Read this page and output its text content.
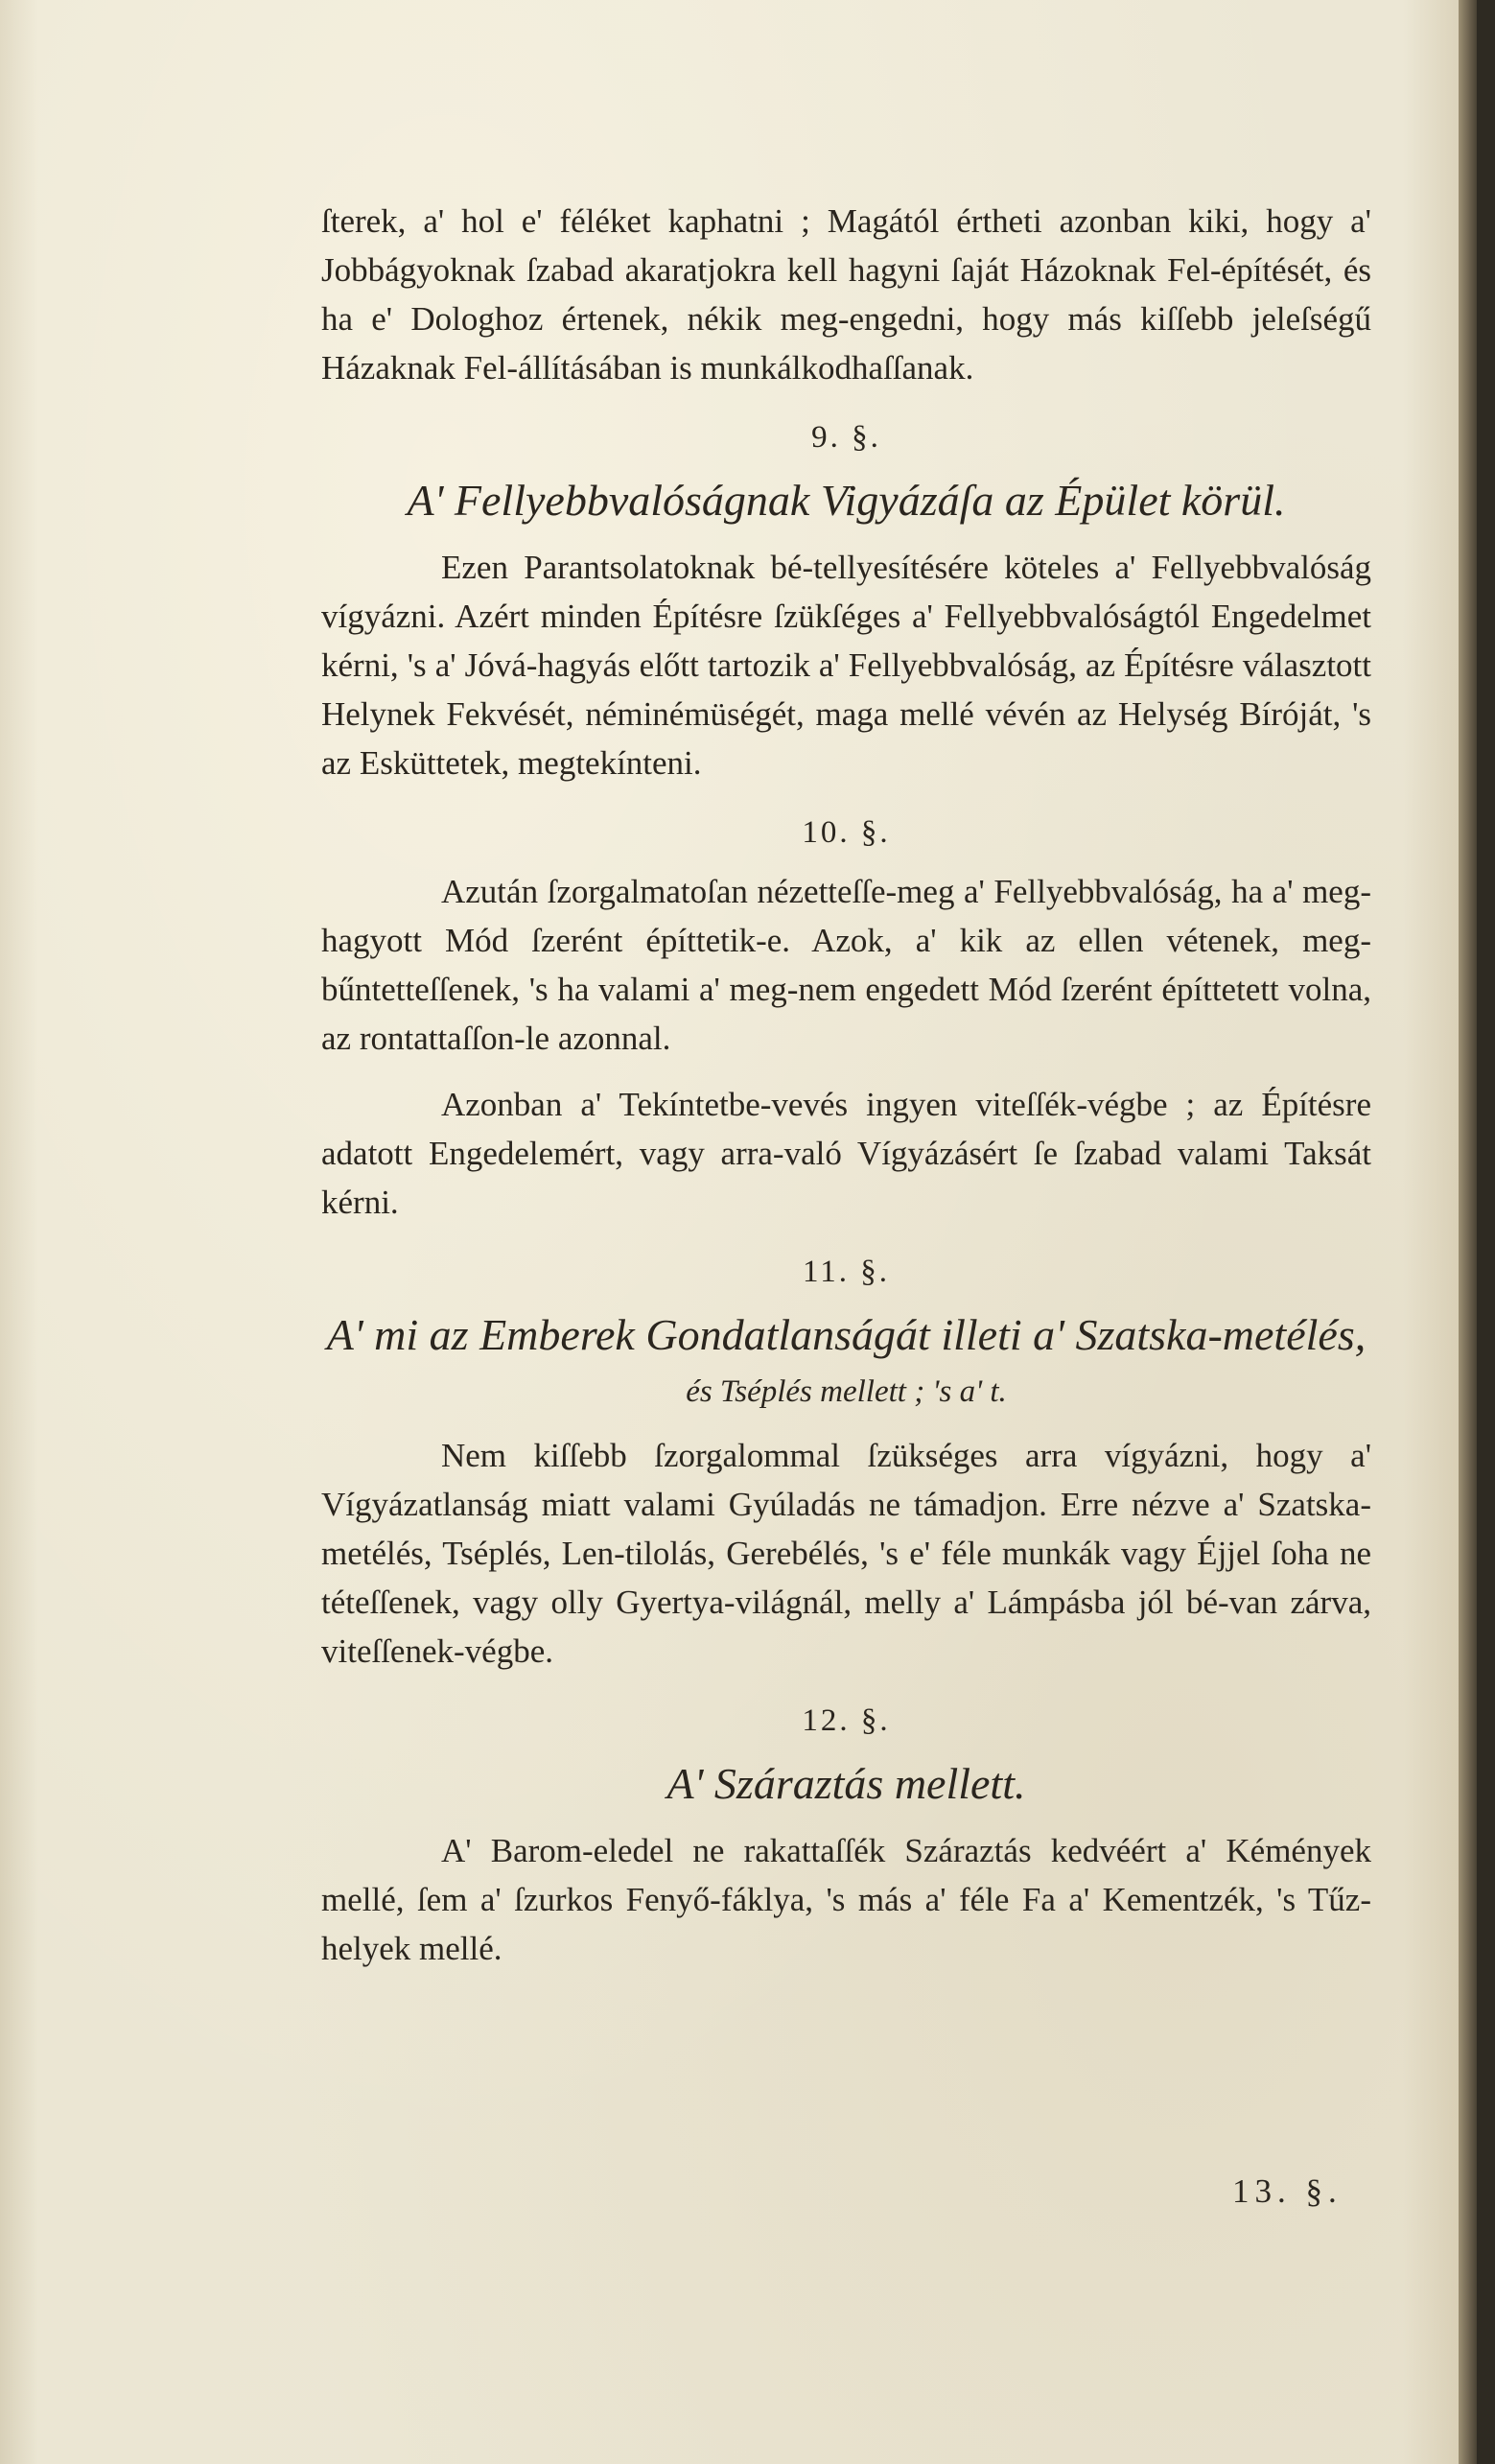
ſterek, a' hol e' féléket kaphatni ; Magától értheti azonban kiki, hogy a' Jobbágyoknak ſzabad akaratjokra kell hagyni ſaját Házoknak Fel-építését, és ha e' Dologhoz értenek, nékik meg-engedni, hogy más kiſſebb jeleſségű Házaknak Fel-állításában is munkálkodhaſſanak.

9. §.

A' Fellyebbvalóságnak Vigyázáſa az Épület körül.

Ezen Parantsolatoknak bé-tellyesítésére köteles a' Fellyebbvalóság vígyázni. Azért minden Építésre ſzükſéges a' Fellyebbvalóságtól Engedelmet kérni, 's a' Jóvá-hagyás előtt tartozik a' Fellyebbvalóság, az Építésre választott Helynek Fekvését, néminémüségét, maga mellé vévén az Helység Bíróját, 's az Esküttetek, megtekínteni.

10. §.

Azután ſzorgalmatoſan nézetteſſe-meg a' Fellyebbvalóság, ha a' meg-hagyott Mód ſzerént építtetik-e. Azok, a' kik az ellen vétenek, meg-bűntetteſſenek, 's ha valami a' meg-nem engedett Mód ſzerént építtetett volna, az rontattaſſon-le azonnal.

Azonban a' Tekíntetbe-vevés ingyen viteſſék-végbe ; az Építésre adatott Engedelemért, vagy arra-való Vígyázásért ſe ſzabad valami Taksát kérni.

11. §.

A' mi az Emberek Gondatlanságát illeti a' Szatska-metélés,

és Tséplés mellett ; 's a' t.

Nem kiſſebb ſzorgalommal ſzükséges arra vígyázni, hogy a' Vígyázatlanság miatt valami Gyúladás ne támadjon. Erre nézve a' Szatska-metélés, Tséplés, Len-tilolás, Gerebélés, 's e' féle munkák vagy Éjjel ſoha ne téteſſenek, vagy olly Gyertya-világnál, melly a' Lámpásba jól bé-van zárva, viteſſenek-végbe.

12. §.

A' Száraztás mellett.

A' Barom-eledel ne rakattaſſék Száraztás kedvéért a' Kémények mellé, ſem a' ſzurkos Fenyő-fáklya, 's más a' féle Fa a' Kementzék, 's Tűz-helyek mellé.

13. §.
